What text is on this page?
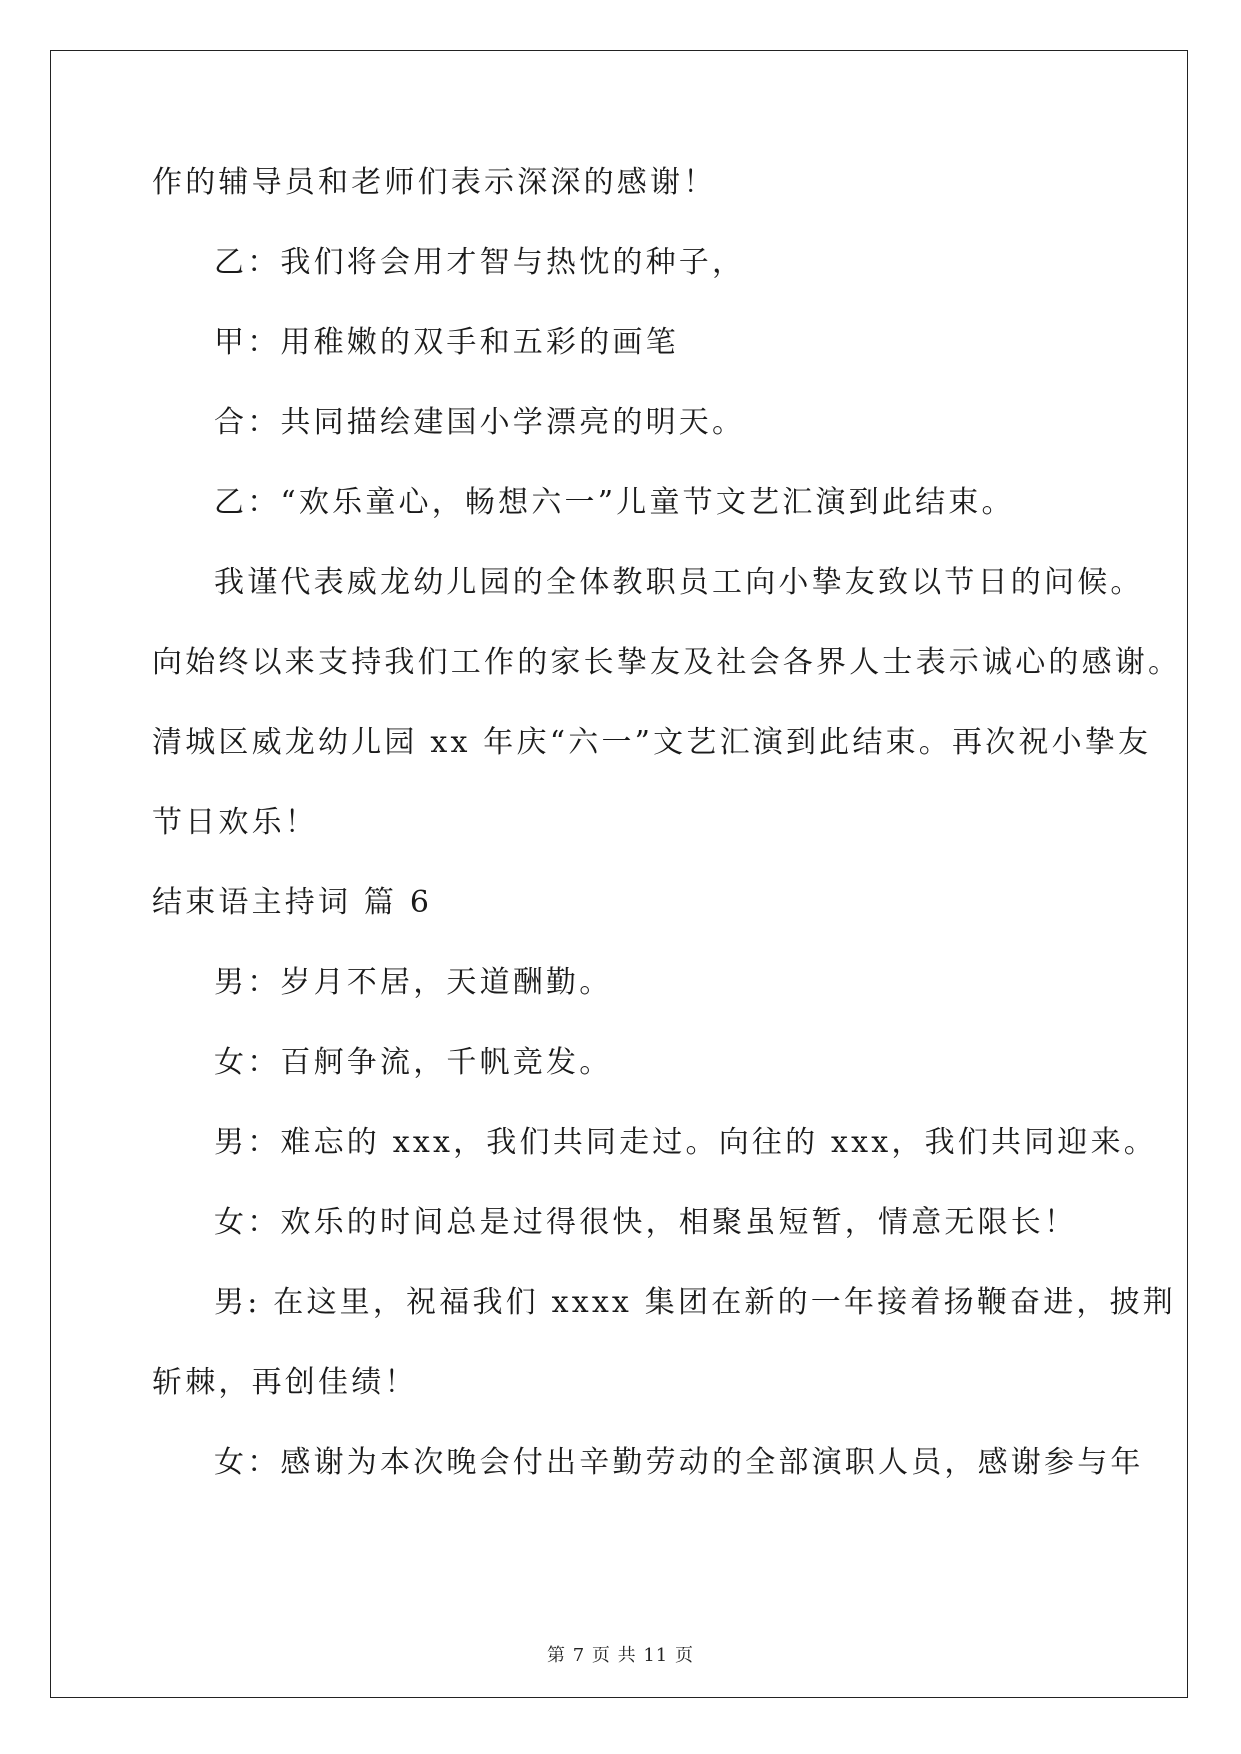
作的辅导员和老师们表示深深的感谢！
乙：我们将会用才智与热忱的种子，
甲：用稚嫩的双手和五彩的画笔
合：共同描绘建国小学漂亮的明天。
乙：“欢乐童心，畅想六一”儿童节文艺汇演到此结束。
我谨代表威龙幼儿园的全体教职员工向小挚友致以节日的问候。
向始终以来支持我们工作的家长挚友及社会各界人士表示诚心的感谢。
清城区威龙幼儿园 xx 年庆“六一”文艺汇演到此结束。再次祝小挚友
节日欢乐！
结束语主持词 篇 6
男：岁月不居，天道酬勤。
女：百舸争流，千帆竞发。
男：难忘的 xxx，我们共同走过。向往的 xxx，我们共同迎来。
女：欢乐的时间总是过得很快，相聚虽短暂，情意无限长！
男: 在这里，祝福我们 xxxx 集团在新的一年接着扬鞭奋进，披荆
斩棘，再创佳绩！
女：感谢为本次晚会付出辛勤劳动的全部演职人员，感谢参与年
第 7 页 共 11 页
